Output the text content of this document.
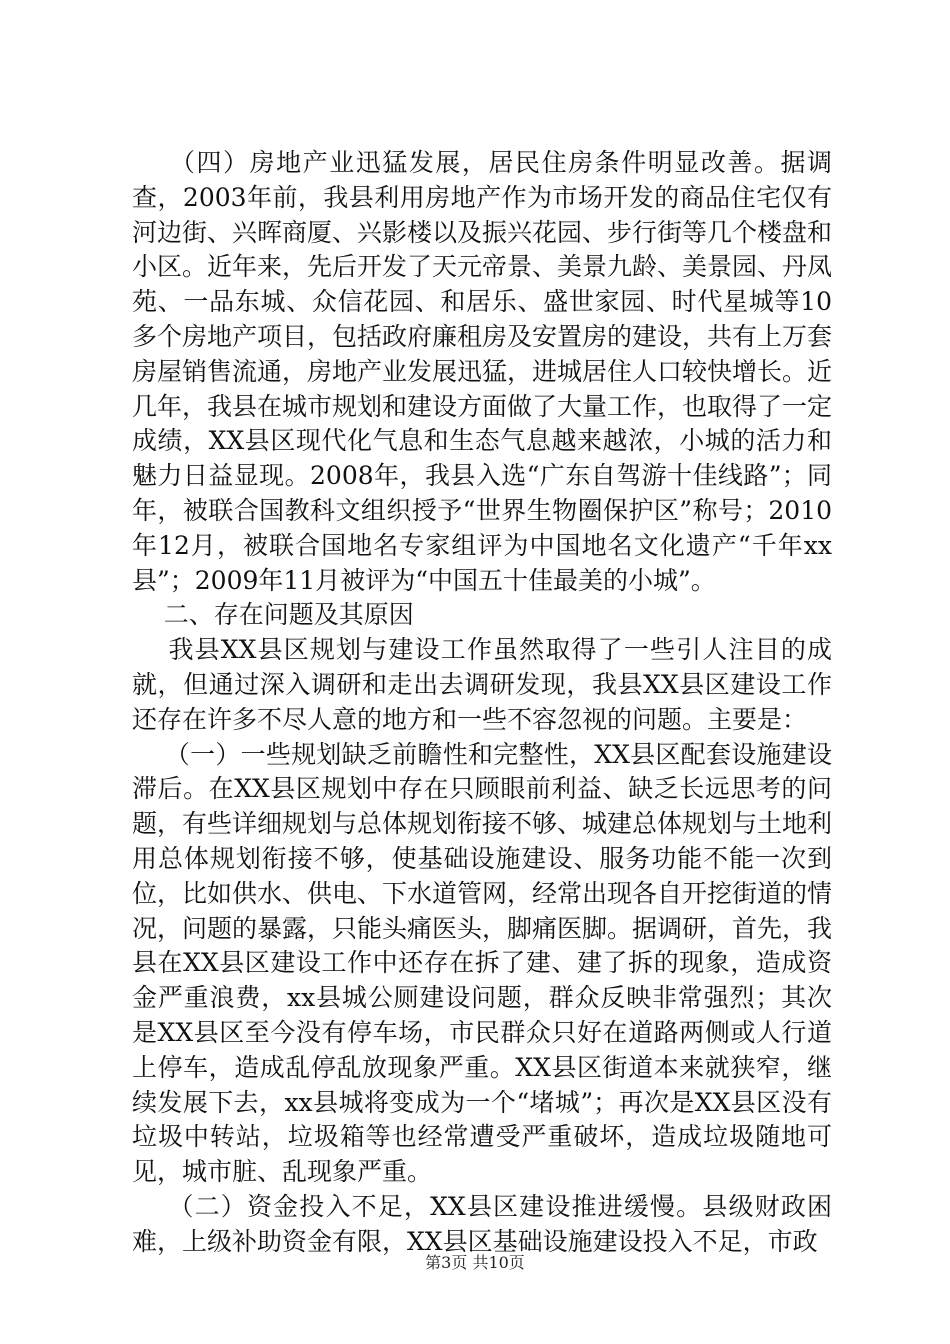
（四）房地产业迅猛发展，居民住房条件明显改善。据调查，2003年前，我县利用房地产作为市场开发的商品住宅仅有河边街、兴晖商厦、兴影楼以及振兴花园、步行街等几个楼盘和小区。近年来，先后开发了天元帝景、美景九龄、美景园、丹凤苑、一品东城、众信花园、和居乐、盛世家园、时代星城等10多个房地产项目，包括政府廉租房及安置房的建设，共有上万套房屋销售流通，房地产业发展迅猛，进城居住人口较快增长。近几年，我县在城市规划和建设方面做了大量工作，也取得了一定成绩，XX县区现代化气息和生态气息越来越浓，小城的活力和魅力日益显现。2008年，我县入选“广东自驾游十佳线路”；同年，被联合国教科文组织授予“世界生物圈保护区”称号；2010年12月，被联合国地名专家组评为中国地名文化遗产“千年xx县”；2009年11月被评为“中国五十佳最美的小城”。

二、存在问题及其原因

我县XX县区规划与建设工作虽然取得了一些引人注目的成就，但通过深入调研和走出去调研发现，我县XX县区建设工作还存在许多不尽人意的地方和一些不容忽视的问题。主要是：

（一）一些规划缺乏前瞻性和完整性，XX县区配套设施建设滞后。在XX县区规划中存在只顾眼前利益、缺乏长远思考的问题，有些详细规划与总体规划衔接不够、城建总体规划与土地利用总体规划衔接不够，使基础设施建设、服务功能不能一次到位，比如供水、供电、下水道管网，经常出现各自开挖街道的情况，问题的暴露，只能头痛医头，脚痛医脚。据调研，首先，我县在XX县区建设工作中还存在拆了建、建了拆的现象，造成资金严重浪费，xx县城公厕建设问题，群众反映非常强烈；其次是XX县区至今没有停车场，市民群众只好在道路两侧或人行道上停车，造成乱停乱放现象严重。XX县区街道本来就狭窄，继续发展下去，xx县城将变成为一个“堵城”；再次是XX县区没有垃圾中转站，垃圾箱等也经常遭受严重破坏，造成垃圾随地可见，城市脏、乱现象严重。

（二）资金投入不足，XX县区建设推进缓慢。县级财政困难，上级补助资金有限，XX县区基础设施建设投入不足，市政

第3页 共10页
